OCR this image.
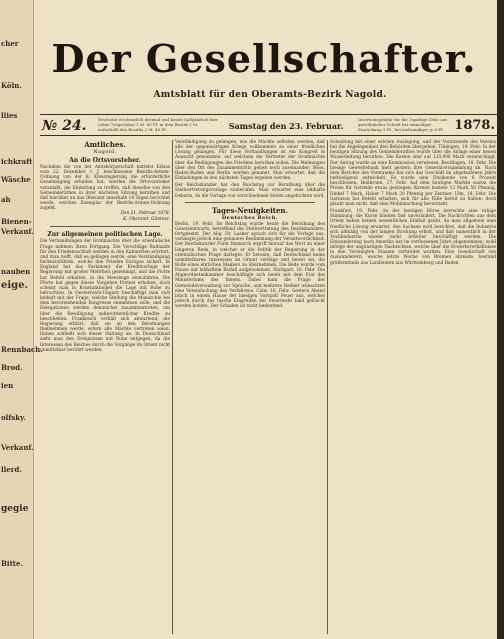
cher
Köln.
llies
ichkraft
Wäsche
ah
Bienen-
Verkauf.
nauben
eige.
Rennbach.
Brod.
ien
olfsky.
Verkauf.
llerd.
gegie
Bitte.
Der Gesellschafter.
Amtsblatt für den Oberamts-Bezirk Nagold.
№ 24.	Erscheint wöchentlich dreimal und kostet halbjährlich hier (ohne Trägerlohn) 1 M. 60 Pf. in dem Bezirk 2 M. außerhalb des Bezirks 2 M. 40 Pf.	Samstag den 23. Februar.
Insertionsgebühr für die 1spaltige Zeile aus gewöhnlicher Schrift bei einmaliger Einrückung 9 Pf., bei mehrmaliger je 6 Pf. 1878.
Amtliches.
Nagold.
An die Ortsvorsteher.
Nachdem die von der Amtskörperschaft mittelst Erlass vom 22. Dezember v. J. beschlossene Bezirks-Armen-Ordnung von der K. Kreisregierung die erforderliche Genehmigung erhalten hat, werden die Ortsvorsteher veranlaßt, die Einleitung zu treffen, daß dieselbe von den Gemeinderäthen in ihrer nächsten Sitzung berathen und daß hierüber an das Oberamt innerhalb 14 Tagen berichtet werde, welches Exemplar der Bezirks-Armen-Ordnung zugeht.
Den 21. Februar 1878.
K. Oberamt. Güntner.
Zur allgemeinen politischen Lage.
Die Verhandlungen der Großmächte über die orientalische Frage nehmen ihren Fortgang. Die Vorschläge Rußlands für den Friedensschluß werden in den Kabinetten erörtert, und man hofft, daß es gelingen werde, eine Verständigung herbeizuführen, welche den Frieden Europas sichert. In England hat das Parlament die Kreditvorlage der Regierung mit großer Mehrheit genehmigt, und die Flotte hat Befehl erhalten, in die Meerenge einzufahren. Die Pforte hat gegen dieses Vorgehen Protest erhoben, doch scheint man in Konstantinopel die Lage mit Ruhe zu betrachten. In Oesterreich-Ungarn beschäftigt man sich lebhaft mit der Frage, welche Stellung die Monarchie bei dem bevorstehenden Kongresse einnehmen solle, und die Delegationen werden demnächst zusammentreten, um über die Bewilligung außerordentlicher Kredite zu beschließen. Frankreich verhält sich abwartend; die Regierung erklärt, daß sie an den Berathungen theilnehmen werde, sofern alle Mächte vertreten seien. Italien schließt sich dieser Haltung an. In Deutschland sieht man den Ereignissen mit Ruhe entgegen, da die Interessen des Reiches durch die Vorgänge im Orient nicht unmittelbar berührt werden.
Verständigung zu gelangen, wie die Mächte selbsten werden, daß alle der gegenwärtigen Kriege vollkommen zu einer friedlichen Lösung gelangen. Für diese Verhandlungen ist ein Kongreß in Aussicht genommen, auf welchem die Vertreter der Großmächte über die Bedingungen des Friedens berathen sollen. Die Meinungen über den Ort des Zusammentritts gehen noch auseinander; Wien, Baden-Baden und Berlin werden genannt. Man erwartet, daß die Einladungen in den nächsten Tagen ergehen werden.
Der Reichskanzler hat den Reichstag zur Berathung über die Stellvertretungsvorlage einberufen. Man erwartet eine lebhafte Debatte, da die Vorlage von verschiedenen Seiten angefochten wird.
Tages-Neuigkeiten.
Deutsches Reich.
Berlin, 19. Febr. Im Reichstag wurde heute die Berathung des Gesetzentwurfs, betreffend die Stellvertretung des Reichskanzlers, fortgesetzt. Der Abg. Dr. Lasker sprach sich für die Vorlage aus, verlangte jedoch eine genauere Bestimmung der Verantwortlichkeit. Der Reichskanzler Fürst Bismarck ergriff hierauf das Wort zu einer längeren Rede, in welcher er die Politik der Regierung in der orientalischen Frage darlegte. Er betonte, daß Deutschland keine unmittelbaren Interessen im Orient verfolge und bereit sei, die Rolle eines ehrlichen Maklers zu übernehmen. Die Rede wurde vom Hause mit lebhaftem Beifall aufgenommen. Stuttgart, 18. Febr. Die Abgeordnetenkammer beschäftigte sich heute mit dem Etat des Ministeriums des Innern. Dabei kam die Frage der Gemeindeverwaltung zur Sprache, und mehrere Redner wünschten eine Vereinfachung des Verfahrens. Calw, 16. Febr. Gestern Abend brach in einem Hause der hiesigen Vorstadt Feuer aus, welches jedoch durch das rasche Eingreifen der Feuerwehr bald gelöscht werden konnte. Der Schaden ist nicht bedeutend.
Scheidung mit einer solchen Auslegung, und der Vorsitzende des Vereins hat die Angelegenheit den Behörden übergeben. Tübingen, 19. Febr. In der heutigen Sitzung des Gemeinderathes wurde über die Anlage einer neuen Wasserleitung berathen. Die Kosten sind auf 120,000 Mark veranschlagt. Der Antrag wurde an eine Kommission verwiesen. Reutlingen, 18. Febr. Die hiesige Gewerbebank hielt gestern ihre Generalversammlung ab. Nach dem Berichte des Vorstandes hat sich das Geschäft im abgelaufenen Jahre befriedigend entwickelt. Es wurde eine Dividende von 6 Prozent beschlossen. Heilbronn, 17. Febr. Auf dem heutigen Markte waren die Preise für Getreide etwas gestiegen; Kernen kostete 12 Mark 50 Pfennig, Dinkel 7 Mark, Haber 7 Mark 20 Pfennig per Zentner. Ulm, 18. Febr. Die Garnison hat Befehl erhalten, sich für alle Fälle bereit zu halten; doch glaubt man nicht, daß eine Mobilmachung bevorsteht.
Frankfurt, 19. Febr. An der heutigen Börse herrschte eine ruhige Stimmung; die Kurse blieben fast unverändert. Die Nachrichten aus dem Orient haben keinen wesentlichen Einfluß geübt, da man allgemein eine friedliche Lösung erwartet. Aus Sachsen wird berichtet, daß die Industrie sich allmälig von der langen Stockung erholt, und daß namentlich in der Textilindustrie wieder mehr Arbeiter beschäftigt werden. Die Einwanderung nach Amerika hat im verflossenen Jahre abgenommen, wohl infolge der ungünstigen Nachrichten, welche über die Erwerbsverhältnisse in den Vereinigten Staaten verbreitet wurden. Eine Gesellschaft von Auswanderern, welche letzte Woche von Bremen abreiste, bestand größtentheils aus Landleuten aus Württemberg und Baden.
